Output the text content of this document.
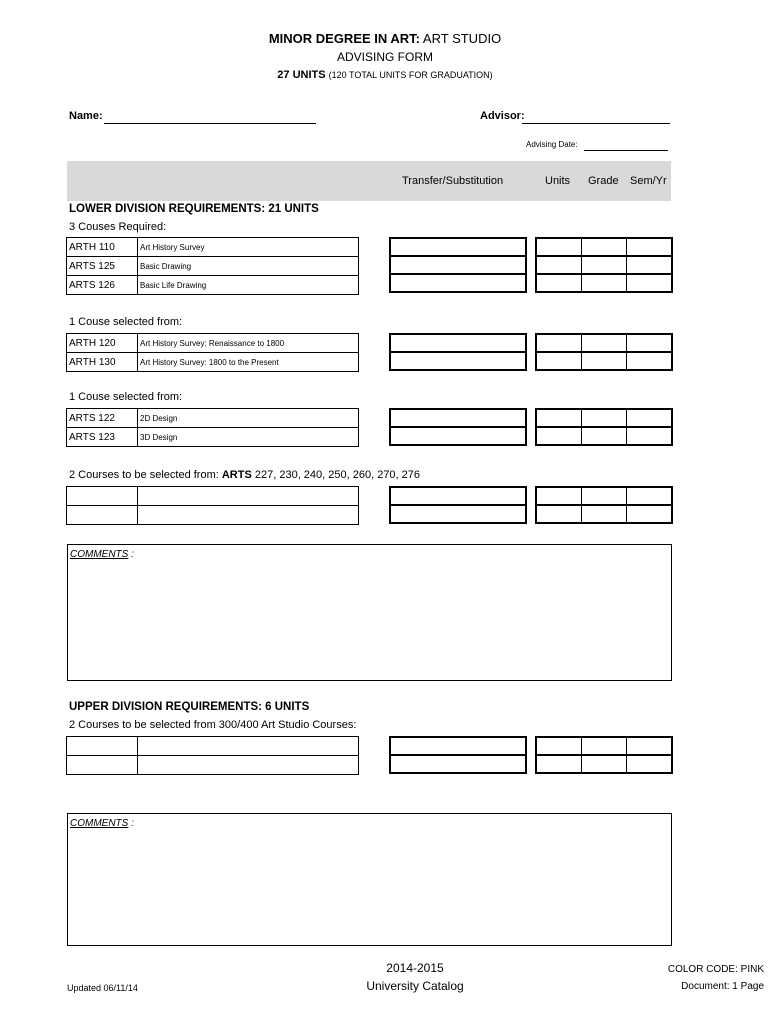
MINOR DEGREE IN ART: ART STUDIO
ADVISING FORM
27 UNITS (120 TOTAL UNITS FOR GRADUATION)
Name:	Advisor:
Advising Date:
Transfer/Substitution	Units Grade Sem/Yr
LOWER DIVISION REQUIREMENTS: 21 UNITS
3 Couses Required:
ARTH 110	Art History Survey
ARTS 125	Basic Drawing
ARTS 126	Basic Life Drawing

1 Couse selected from:
ARTH 120	Art History Survey: Renaissance to 1800
ARTH 130	Art History Survey: 1800 to the Present

1 Couse selected from:
ARTS 122	2D Design
ARTS 123	3D Design

2 Courses to be selected from: ARTS 227, 230, 240, 250, 260, 270, 276

COMMENTS :
UPPER DIVISION REQUIREMENTS: 6 UNITS
2 Courses to be selected from 300/400 Art Studio Courses:

COMMENTS :
Updated 06/11/14
2014-2015
University Catalog
COLOR CODE: PINK
Document: 1 Page
